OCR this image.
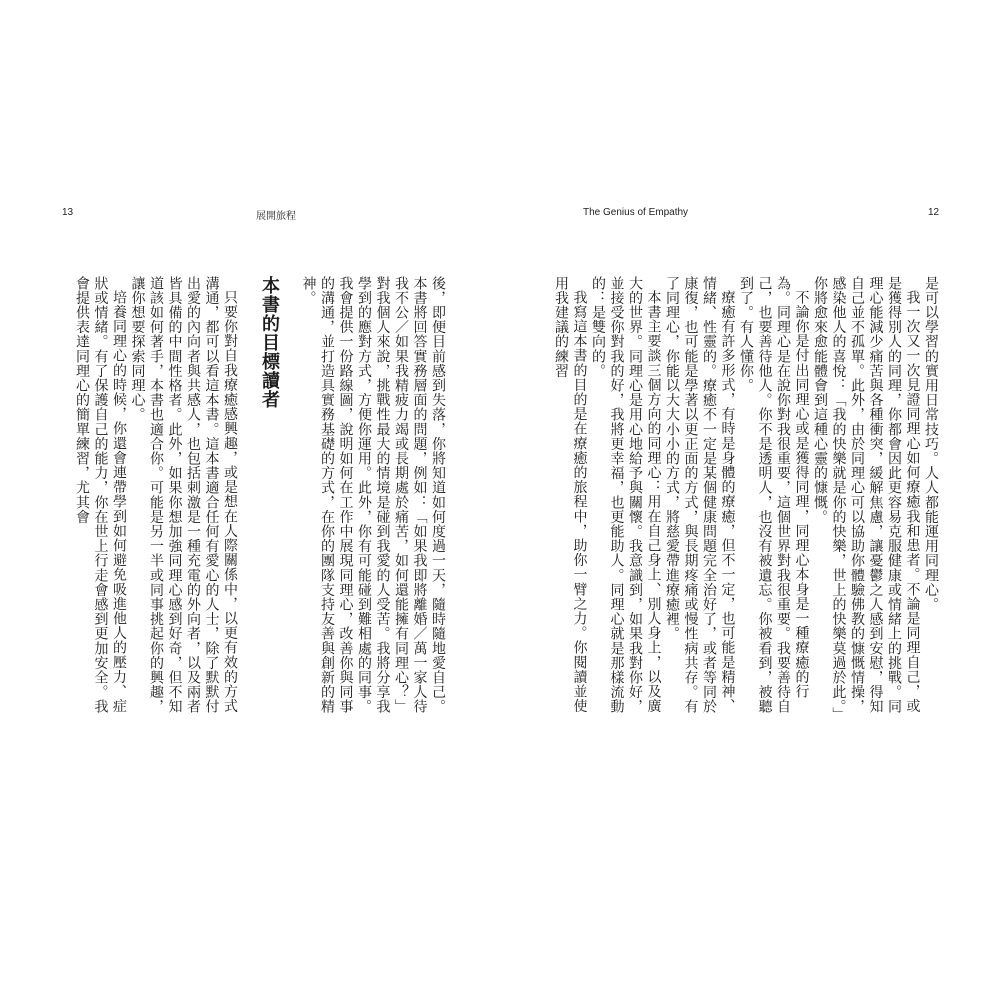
13	展開旅程

後，即便目前感到失落，你將知道如何度過一天，隨時隨地愛自己。本書將回答實務層面的問題，例如：「如果我即將離婚／萬一家人待我不公／如果我精疲力竭或長期處於痛苦，如何還能擁有同理心？」對我個人來說，挑戰性最大的情境是碰到我愛的人受苦。我將分享我學到的應對方式，方便你運用。此外，你有可能碰到難相處的同事。我會提供一份路線圖，說明如何在工作中展現同理心，改善你與同事的溝通，並打造具實務基礎的方式，在你的團隊支持友善與創新的精神。

本書的目標讀者

只要你對自我療癒感興趣，或是想在人際關係中，以更有效的方式溝通，都可以看這本書。這本書適合任何有愛心的人士，除了默默付出愛的內向者與共感人，也包括刺激是一種充電的外向者，以及兩者皆具備的中間性格者。此外，如果你想加強同理心感到好奇，但不知道該如何著手，本書也適合你。可能是另一半或同事挑起你的興趣，讓你想要探索同理心。

培養同理心的時候，你還會連帶學到如何避免吸進他人的壓力、症狀或情緒。有了保護自己的能力，你在世上行走會感到更加安全。我會提供表達同理心的簡單練習，尤其會

The Genius of Empathy	12

是可以學習的實用日常技巧。人人都能運用同理心。

我一次又一次見證同理心如何療癒我和患者。不論是同理自己，或是獲得別人的同理，你都會因此更容易克服健康或情緒上的挑戰。同理心能減少痛苦與各種衝突，緩解焦慮，讓憂鬱之人感到安慰，得知自己並不孤單。此外，由於同理心可以協助你體驗佛教的慷慨情操，感染他人的喜悅：「我的快樂就是你的快樂，世上的快樂莫過於此。」你將愈來愈能體會到這種心靈的慷慨。

不論你是付出同理心或是獲得同理，同理心本身是一種療癒的行為。同理心是在說你對我很重要，這個世界對我很重要。我要善待自己，也要善待他人。你不是透明人，也沒有被遺忘。你被看到，被聽到了。有人懂你。

療癒有許多形式，有時是身體的療癒，但不一定，也可能是精神、情緒、性靈的。療癒不一定是某個健康問題完全治好了，或者等同於康復，也可能是學著以更正面的方式，與長期疼痛或慢性病共存。有了同理心，你能以大大小小的方式，將慈愛帶進療癒裡。

本書主要談三個方向的同理心：用在自己身上、別人身上，以及廣大的世界。同理心是用心地給予與關懷。我意識到，如果我對你好，並接受你對我的好，我將更幸福，也更能助人。同理心就是那樣流動的：是雙向的。

我寫這本書的目的是在療癒的旅程中，助你一臂之力。你閱讀並使用我建議的練習
